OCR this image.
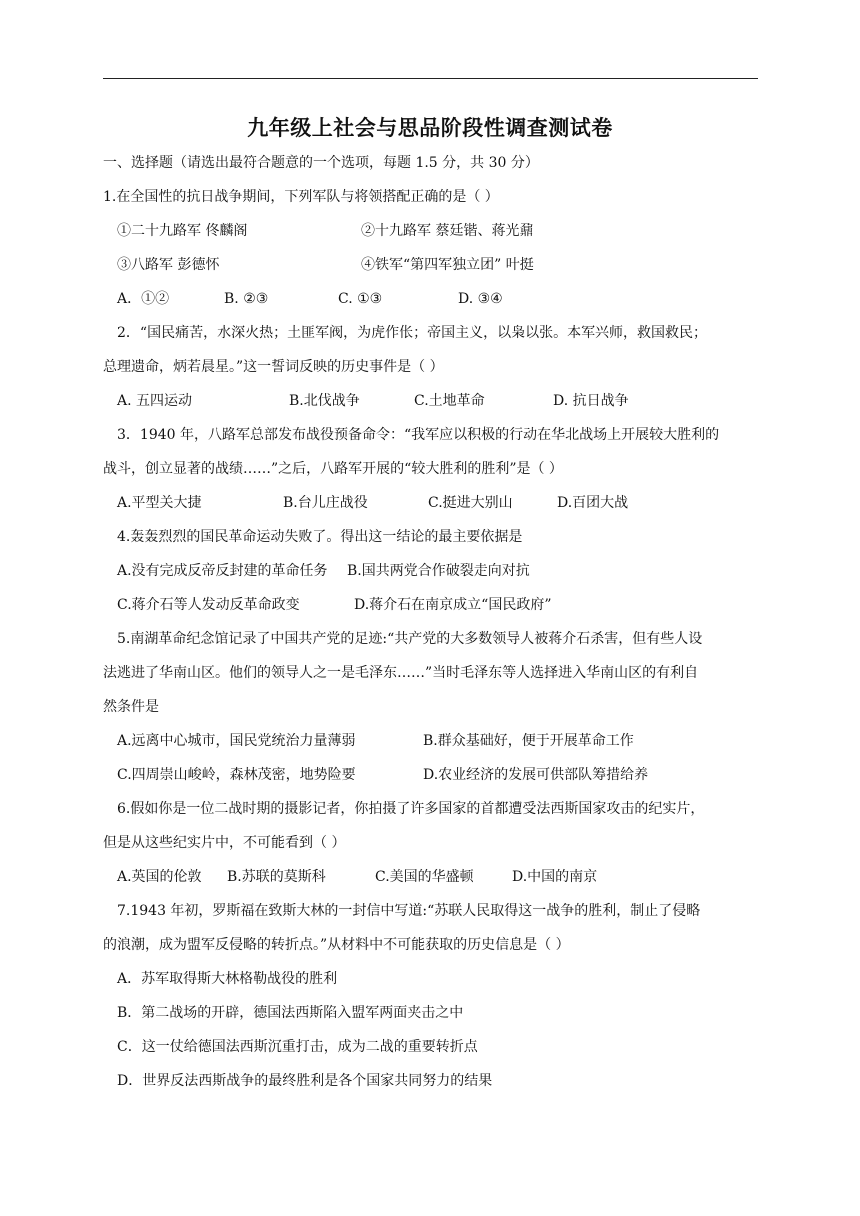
九年级上社会与思品阶段性调查测试卷
一、选择题（请选出最符合题意的一个选项，每题 1.5 分，共 30 分）
1.在全国性的抗日战争期间，下列军队与将领搭配正确的是（ ）
①二十九路军 佟麟阁	②十九路军 蔡廷锴、蒋光鼐
③八路军 彭德怀	④铁军“第四军独立团” 叶挺
A．①②	B. ②③	C. ①③	D. ③④
2．“国民痛苦，水深火热；土匪军阀，为虎作伥；帝国主义，以枭以张。本军兴师，救国救民；
总理遗命，炳若晨星。”这一誓词反映的历史事件是（ ）
A. 五四运动	B.北伐战争	C.土地革命	D. 抗日战争
3．1940 年，八路军总部发布战役预备命令：“我军应以积极的行动在华北战场上开展较大胜利的
战斗，创立显著的战绩……”之后，八路军开展的“较大胜利的胜利”是（ ）
A.平型关大捷	B.台儿庄战役	C.挺进大别山	D.百团大战
4.轰轰烈烈的国民革命运动失败了。得出这一结论的最主要依据是
A.没有完成反帝反封建的革命任务 B.国共两党合作破裂走向对抗
C.蒋介石等人发动反革命政变	D.蒋介石在南京成立“国民政府”
5.南湖革命纪念馆记录了中国共产党的足迹:“共产党的大多数领导人被蒋介石杀害，但有些人设
法逃进了华南山区。他们的领导人之一是毛泽东……”当时毛泽东等人选择进入华南山区的有利自
然条件是
A.远离中心城市，国民党统治力量薄弱	B.群众基础好，便于开展革命工作
C.四周崇山峻岭，森林茂密，地势险要	D.农业经济的发展可供部队筹措给养
6.假如你是一位二战时期的摄影记者，你拍摄了许多国家的首都遭受法西斯国家攻击的纪实片，
但是从这些纪实片中，不可能看到（ ）
A.英国的伦敦 B.苏联的莫斯科	C.美国的华盛顿	D.中国的南京
7.1943 年初，罗斯福在致斯大林的一封信中写道:“苏联人民取得这一战争的胜利，制止了侵略
的浪潮，成为盟军反侵略的转折点。”从材料中不可能获取的历史信息是（ ）
A．苏军取得斯大林格勒战役的胜利
B．第二战场的开辟，德国法西斯陷入盟军两面夹击之中
C．这一仗给德国法西斯沉重打击，成为二战的重要转折点
D．世界反法西斯战争的最终胜利是各个国家共同努力的结果
